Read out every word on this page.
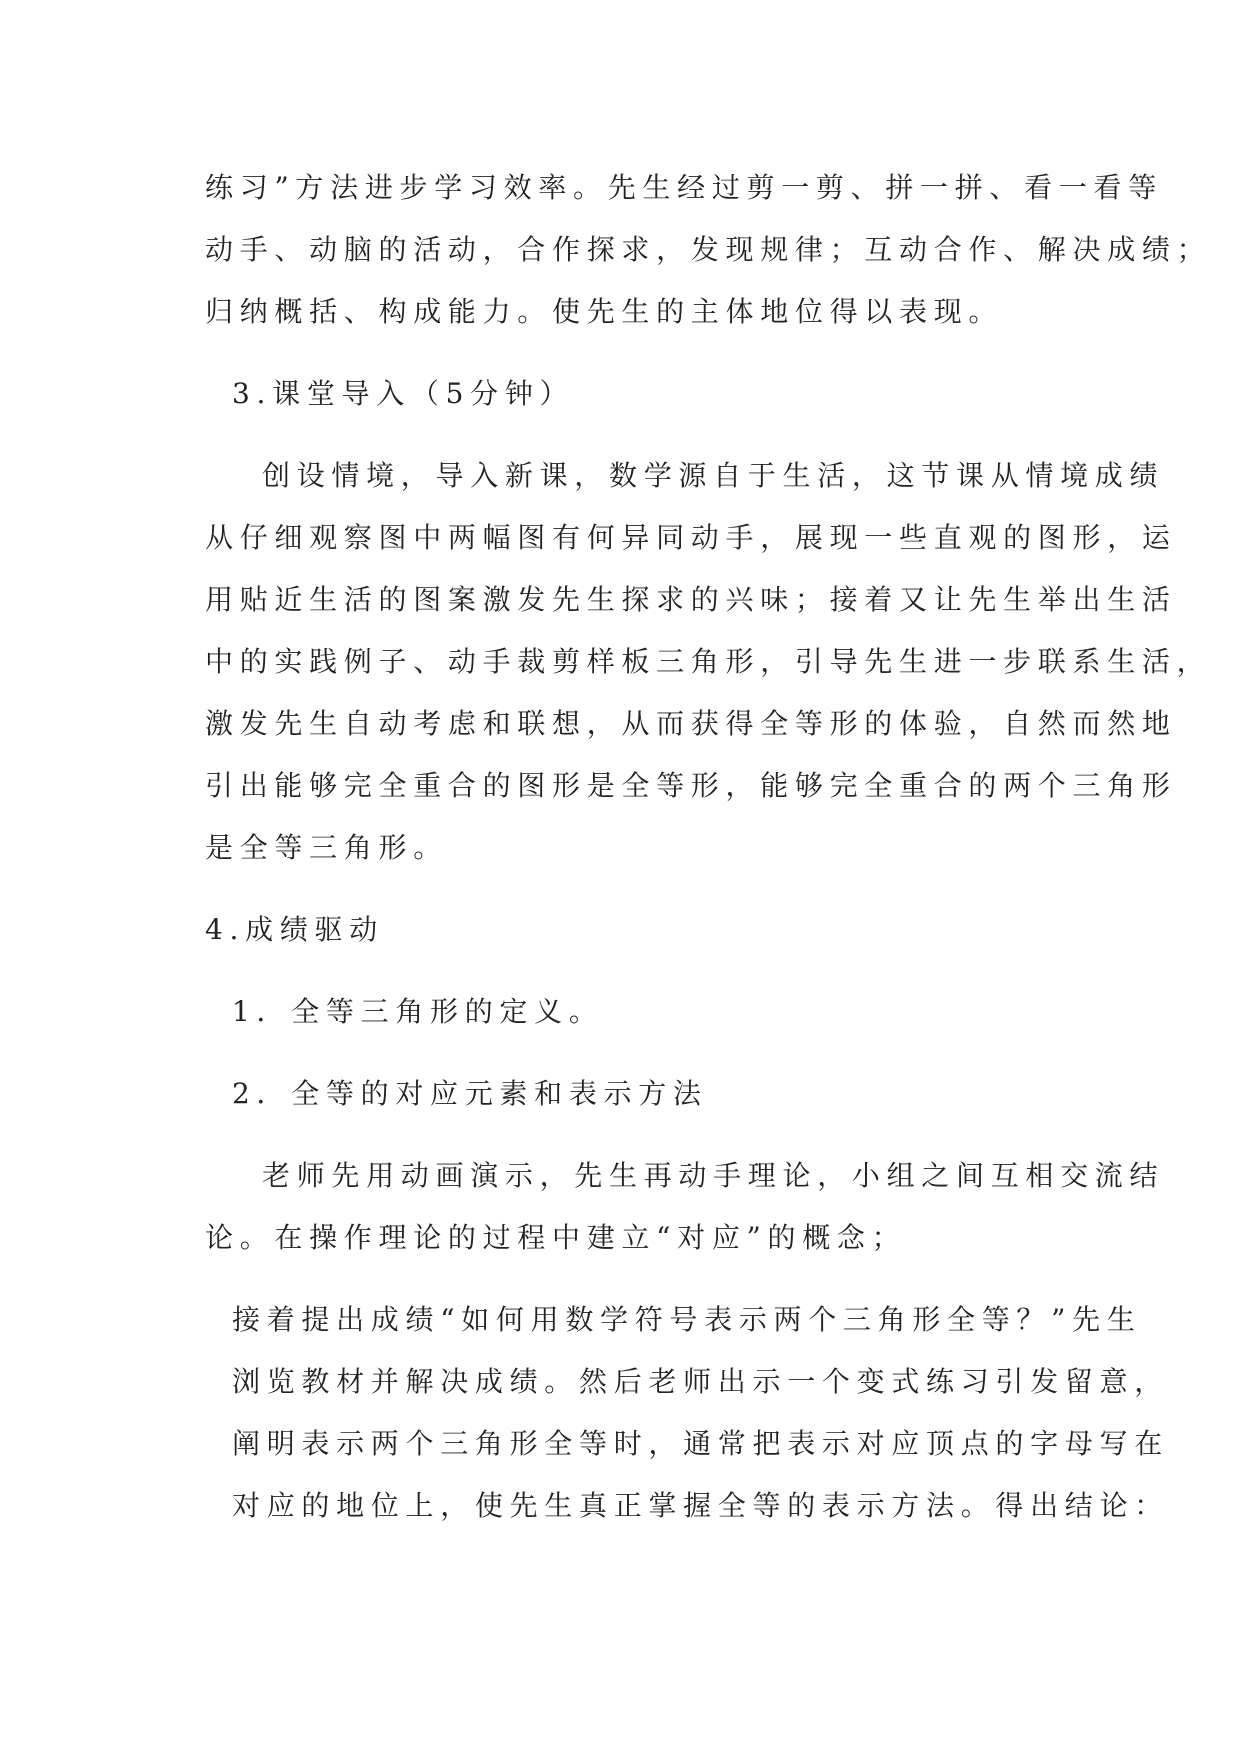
练习”方法进步学习效率。先生经过剪一剪、拼一拼、看一看等
动手、动脑的活动，合作探求，发现规律；互动合作、解决成绩；
归纳概括、构成能力。使先生的主体地位得以表现。
3.课堂导入（5分钟）
创设情境，导入新课，数学源自于生活，这节课从情境成绩
从仔细观察图中两幅图有何异同动手，展现一些直观的图形，运
用贴近生活的图案激发先生探求的兴味；接着又让先生举出生活
中的实践例子、动手裁剪样板三角形，引导先生进一步联系生活，
激发先生自动考虑和联想，从而获得全等形的体验，自然而然地
引出能够完全重合的图形是全等形，能够完全重合的两个三角形
是全等三角形。
4.成绩驱动
1．全等三角形的定义。
2．全等的对应元素和表示方法
老师先用动画演示，先生再动手理论，小组之间互相交流结
论。在操作理论的过程中建立“对应”的概念；
接着提出成绩“如何用数学符号表示两个三角形全等？”先生
浏览教材并解决成绩。然后老师出示一个变式练习引发留意，
阐明表示两个三角形全等时，通常把表示对应顶点的字母写在
对应的地位上，使先生真正掌握全等的表示方法。得出结论：
